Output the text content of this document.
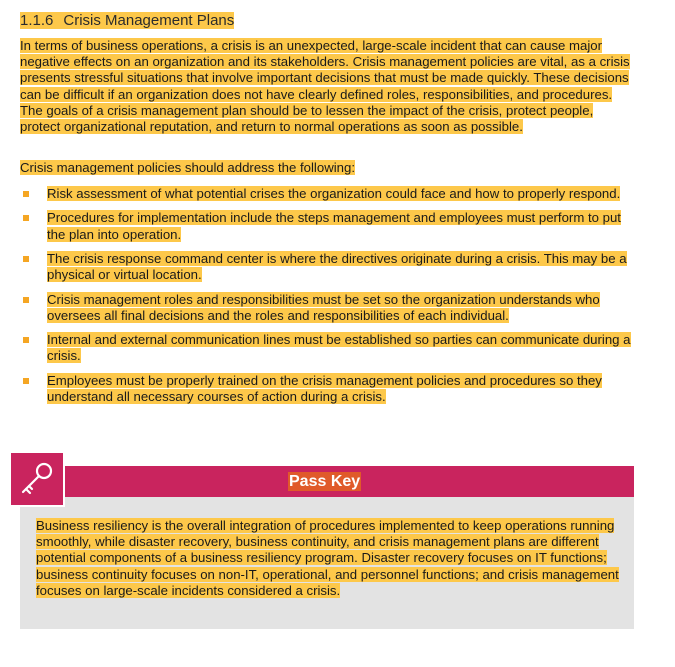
1.1.6 Crisis Management Plans

In terms of business operations, a crisis is an unexpected, large-scale incident that can cause major negative effects on an organization and its stakeholders. Crisis management policies are vital, as a crisis presents stressful situations that involve important decisions that must be made quickly. These decisions can be difficult if an organization does not have clearly defined roles, responsibilities, and procedures. The goals of a crisis management plan should be to lessen the impact of the crisis, protect people, protect organizational reputation, and return to normal operations as soon as possible.

Crisis management policies should address the following:

Risk assessment of what potential crises the organization could face and how to properly respond.
Procedures for implementation include the steps management and employees must perform to put the plan into operation.
The crisis response command center is where the directives originate during a crisis. This may be a physical or virtual location.
Crisis management roles and responsibilities must be set so the organization understands who oversees all final decisions and the roles and responsibilities of each individual.
Internal and external communication lines must be established so parties can communicate during a crisis.
Employees must be properly trained on the crisis management policies and procedures so they understand all necessary courses of action during a crisis.
Pass Key

Business resiliency is the overall integration of procedures implemented to keep operations running smoothly, while disaster recovery, business continuity, and crisis management plans are different potential components of a business resiliency program. Disaster recovery focuses on IT functions; business continuity focuses on non-IT, operational, and personnel functions; and crisis management focuses on large-scale incidents considered a crisis.
